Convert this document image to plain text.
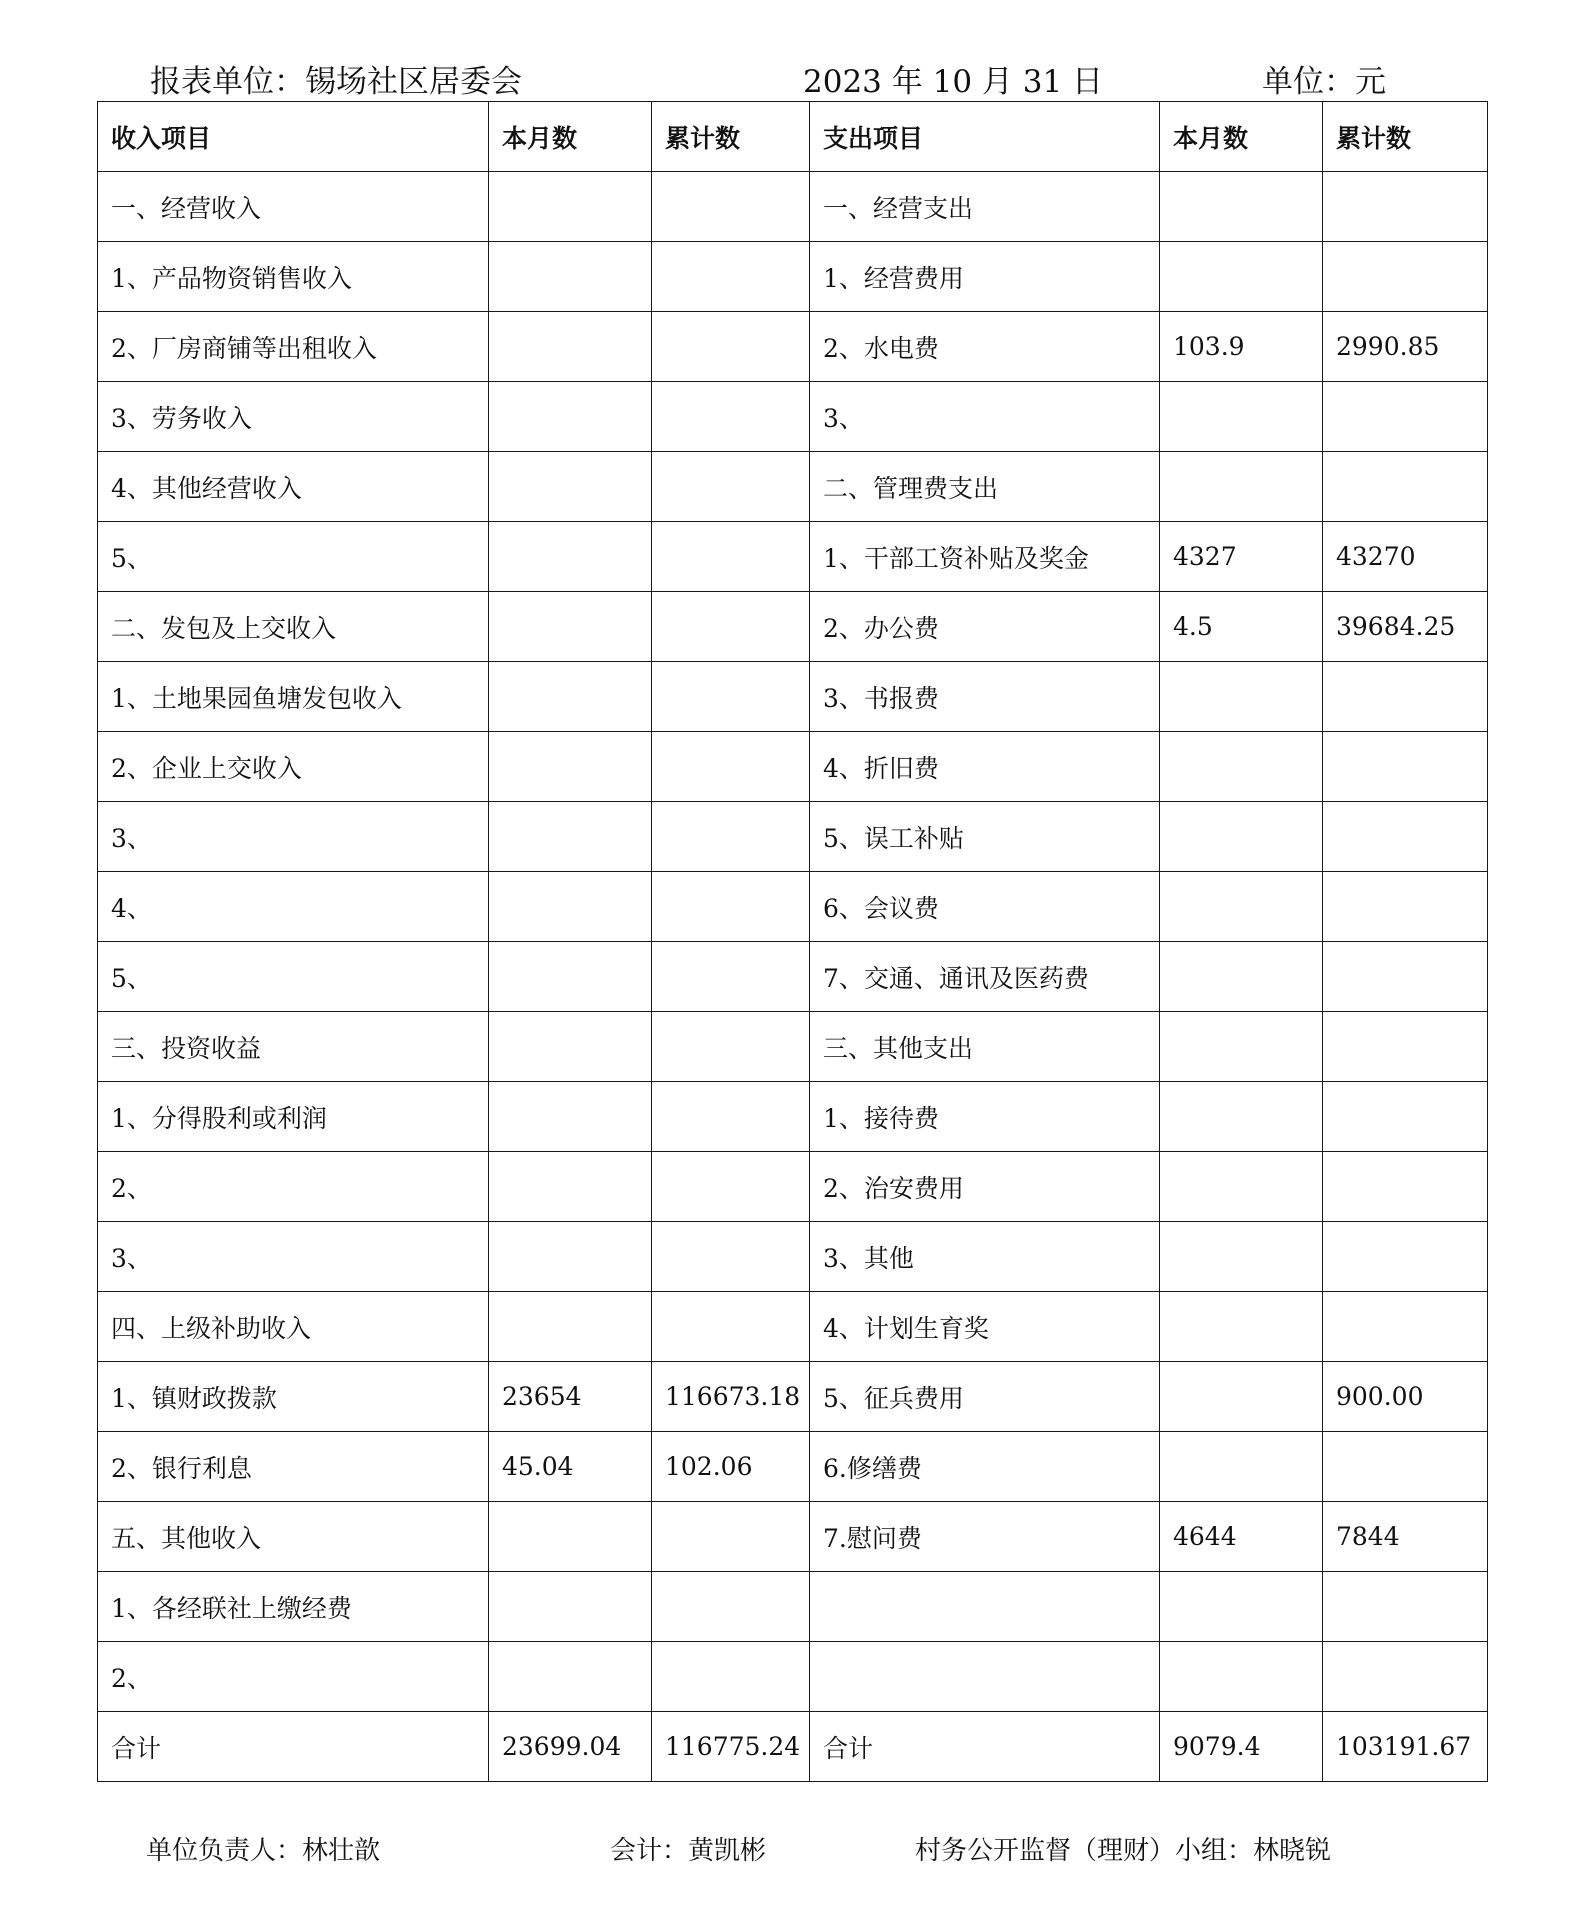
报表单位：锡场社区居委会	2023 年 10 月 31 日	单位：元
收入项目	本月数	累计数	支出项目	本月数	累计数
一、经营收入			一、经营支出		
1、产品物资销售收入			1、经营费用		
2、厂房商铺等出租收入			2、水电费	103.9	2990.85
3、劳务收入			3、		
4、其他经营收入			二、管理费支出		
5、			1、干部工资补贴及奖金	4327	43270
二、发包及上交收入			2、办公费	4.5	39684.25
1、土地果园鱼塘发包收入			3、书报费		
2、企业上交收入			4、折旧费		
3、			5、误工补贴		
4、			6、会议费		
5、			7、交通、通讯及医药费		
三、投资收益			三、其他支出		
1、分得股利或利润			1、接待费		
2、			2、治安费用		
3、			3、其他		
四、上级补助收入			4、计划生育奖		
1、镇财政拨款	23654	116673.18	5、征兵费用		900.00
2、银行利息	45.04	102.06	6.修缮费		
五、其他收入			7.慰问费	4644	7844
1、各经联社上缴经费					
2、					
合计	23699.04	116775.24	合计	9079.4	103191.67
单位负责人：林壮歆	会计：黄凯彬	村务公开监督（理财）小组：林晓锐
